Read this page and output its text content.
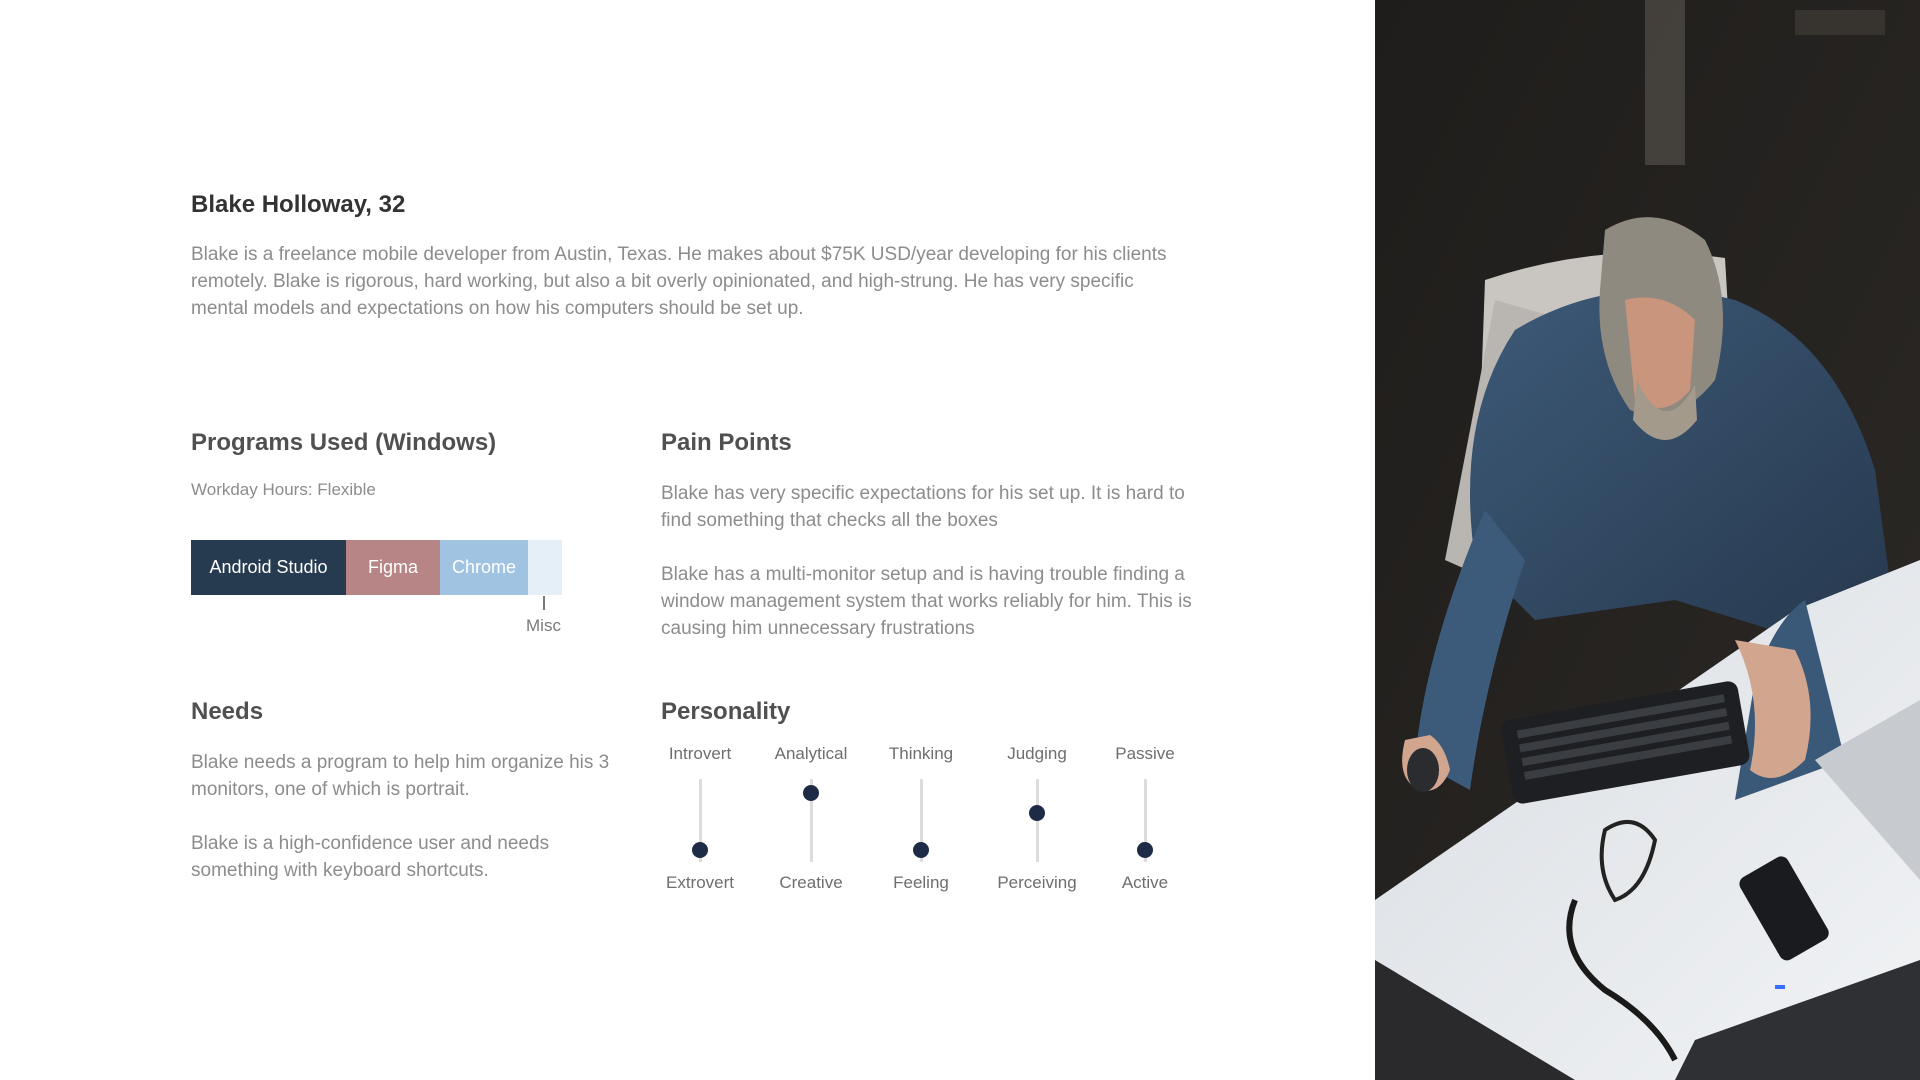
Blake Holloway, 32

Blake is a freelance mobile developer from Austin, Texas. He makes about $75K USD/year developing for his clients remotely. Blake is rigorous, hard working, but also a bit overly opinionated, and high-strung. He has very specific mental models and expectations on how his computers should be set up.

Programs Used (Windows)
Workday Hours: Flexible
Android Studio	Figma	Chrome
Misc
Pain Points

Blake has very specific expectations for his set up. It is hard to find something that checks all the boxes

Blake has a multi-monitor setup and is having trouble finding a window management system that works reliably for him. This is causing him unnecessary frustrations

Needs

Blake needs a program to help him organize his 3 monitors, one of which is portrait.

Blake is a high-confidence user and needs something with keyboard shortcuts.

Personality
Introvert
Extrovert
Analytical
Creative
Thinking
Feeling
Judging
Perceiving
Passive
Active
